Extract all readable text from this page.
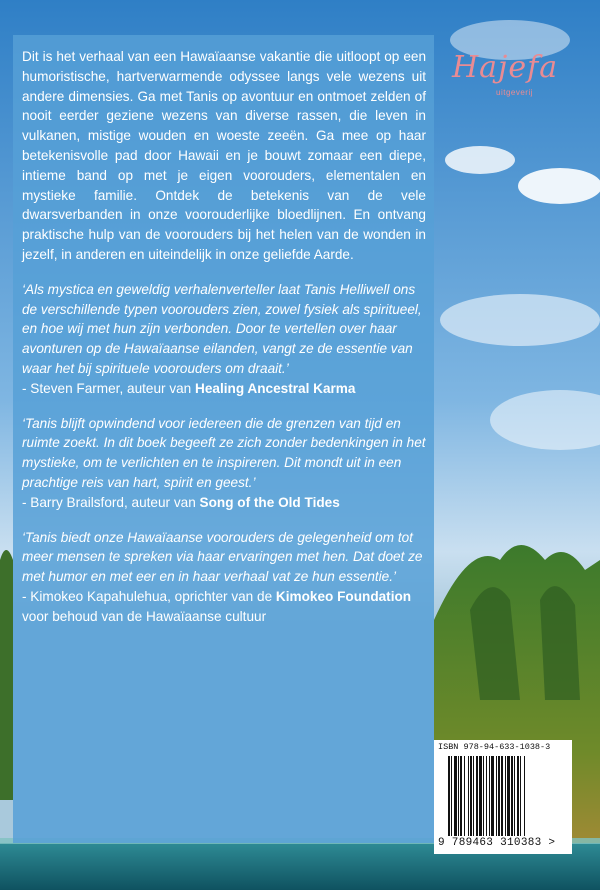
Hajefa
uitgeverij

Dit is het verhaal van een Hawaïaanse vakantie die uitloopt op een humoristische, hartverwarmende odyssee langs vele wezens uit andere dimensies. Ga met Tanis op avontuur en ontmoet zelden of nooit eerder geziene wezens van diverse rassen, die leven in vulkanen, mistige wouden en woeste zeeën. Ga mee op haar betekenisvolle pad door Hawaii en je bouwt zomaar een diepe, intieme band op met je eigen voorouders, elementalen en mystieke familie. Ontdek de betekenis van de vele dwarsverbanden in onze voorouderlijke bloedlijnen. En ontvang praktische hulp van de voorouders bij het helen van de wonden in jezelf, in anderen en uiteindelijk in onze geliefde Aarde.

‘Als mystica en geweldig verhalenverteller laat Tanis Helliwell ons de verschillende typen voorouders zien, zowel fysiek als spiritueel, en hoe wij met hun zijn verbonden. Door te vertellen over haar avonturen op de Hawaïaanse eilanden, vangt ze de essentie van waar het bij spirituele voorouders om draait.’

- Steven Farmer, auteur van Healing Ancestral Karma

‘Tanis blijft opwindend voor iedereen die de grenzen van tijd en ruimte zoekt. In dit boek begeeft ze zich zonder bedenkingen in het mystieke, om te verlichten en te inspireren. Dit mondt uit in een prachtige reis van hart, spirit en geest.’

- Barry Brailsford, auteur van Song of the Old Tides

‘Tanis biedt onze Hawaïaanse voorouders de gelegenheid om tot meer mensen te spreken via haar ervaringen met hen. Dat doet ze met humor en met eer en in haar verhaal vat ze hun essentie.’

- Kimokeo Kapahulehua, oprichter van de Kimokeo Foundation voor behoud van de Hawaïaanse cultuur

ISBN 978-94-633-1038-3
9 789463 310383 >
